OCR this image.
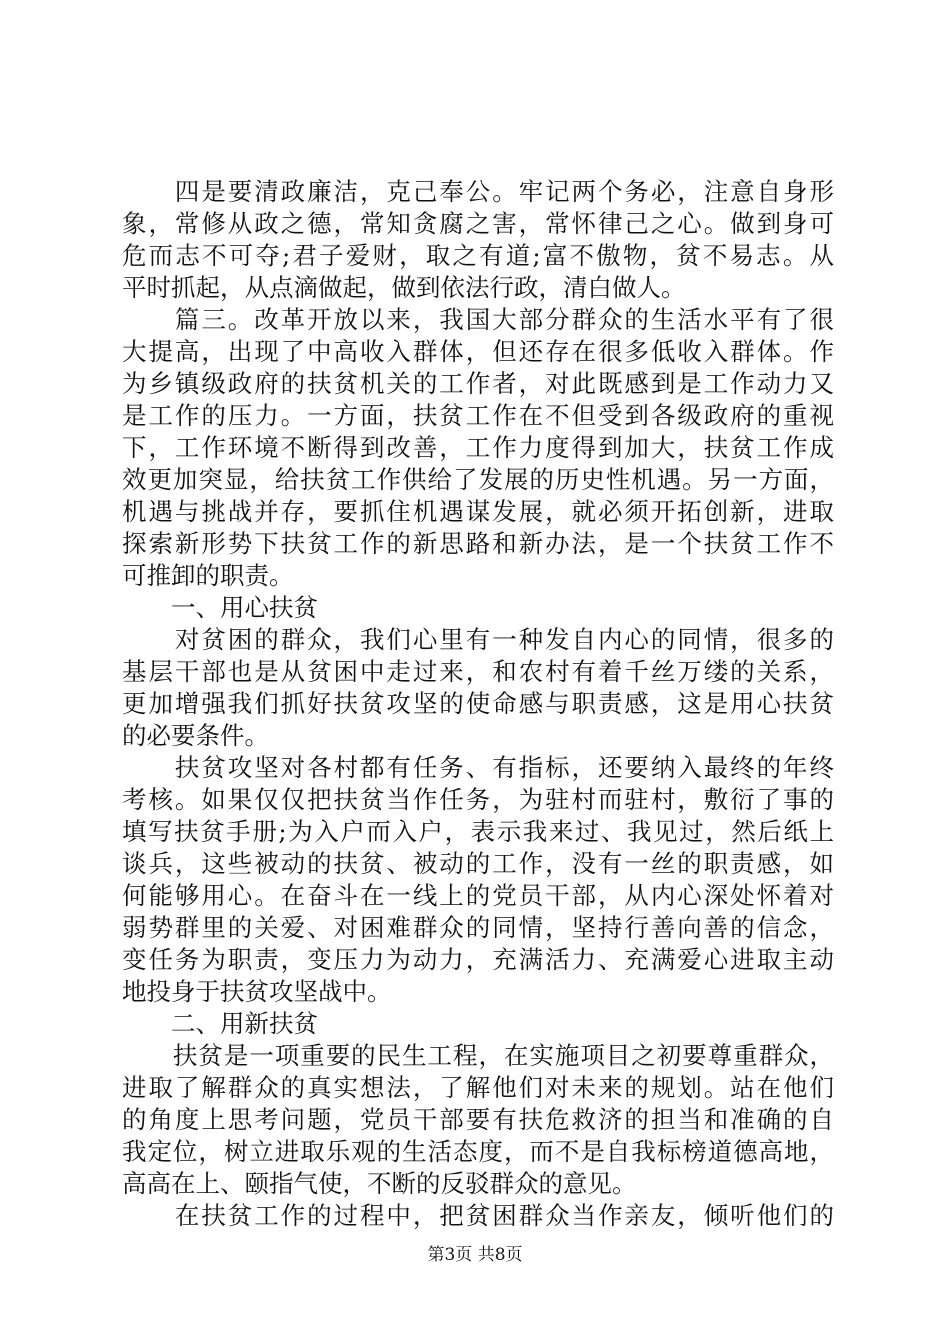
　　四是要清政廉洁，克己奉公。牢记两个务必，注意自身形
象，常修从政之德，常知贪腐之害，常怀律己之心。做到身可
危而志不可夺;君子爱财，取之有道;富不傲物，贫不易志。从
平时抓起，从点滴做起，做到依法行政，清白做人。
　　篇三。改革开放以来，我国大部分群众的生活水平有了很
大提高，出现了中高收入群体，但还存在很多低收入群体。作
为乡镇级政府的扶贫机关的工作者，对此既感到是工作动力又
是工作的压力。一方面，扶贫工作在不但受到各级政府的重视
下，工作环境不断得到改善，工作力度得到加大，扶贫工作成
效更加突显，给扶贫工作供给了发展的历史性机遇。另一方面，
机遇与挑战并存，要抓住机遇谋发展，就必须开拓创新，进取
探索新形势下扶贫工作的新思路和新办法，是一个扶贫工作不
可推卸的职责。
　　一、用心扶贫
　　对贫困的群众，我们心里有一种发自内心的同情，很多的
基层干部也是从贫困中走过来，和农村有着千丝万缕的关系，
更加增强我们抓好扶贫攻坚的使命感与职责感，这是用心扶贫
的必要条件。
　　扶贫攻坚对各村都有任务、有指标，还要纳入最终的年终
考核。如果仅仅把扶贫当作任务，为驻村而驻村，敷衍了事的
填写扶贫手册;为入户而入户，表示我来过、我见过，然后纸上
谈兵，这些被动的扶贫、被动的工作，没有一丝的职责感，如
何能够用心。在奋斗在一线上的党员干部，从内心深处怀着对
弱势群里的关爱、对困难群众的同情，坚持行善向善的信念，
变任务为职责，变压力为动力，充满活力、充满爱心进取主动
地投身于扶贫攻坚战中。
　　二、用新扶贫
　　扶贫是一项重要的民生工程，在实施项目之初要尊重群众，
进取了解群众的真实想法，了解他们对未来的规划。站在他们
的角度上思考问题，党员干部要有扶危救济的担当和准确的自
我定位，树立进取乐观的生活态度，而不是自我标榜道德高地，
高高在上、颐指气使，不断的反驳群众的意见。
　　在扶贫工作的过程中，把贫困群众当作亲友，倾听他们的
第3页 共8页
